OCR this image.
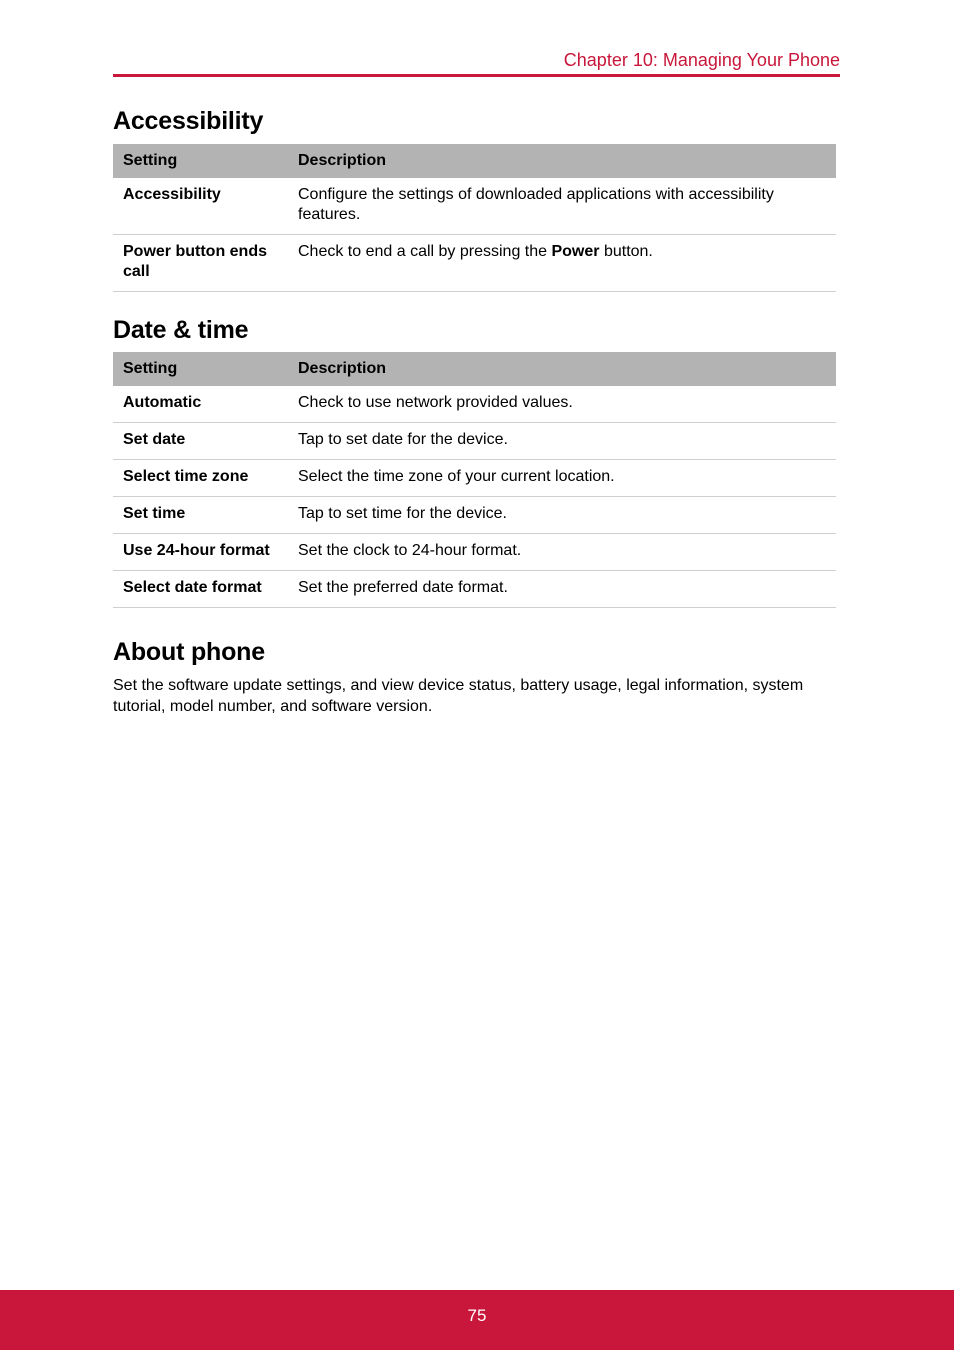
Chapter 10: Managing Your Phone
Accessibility
Setting	Description
Accessibility	Configure the settings of downloaded applications with accessibility features.
Power button ends call	Check to end a call by pressing the Power button.
Date & time
Setting	Description
Automatic	Check to use network provided values.
Set date	Tap to set date for the device.
Select time zone	Select the time zone of your current location.
Set time	Tap to set time for the device.
Use 24-hour format	Set the clock to 24-hour format.
Select date format	Set the preferred date format.
About phone

Set the software update settings, and view device status, battery usage, legal information, system tutorial, model number, and software version.

75
